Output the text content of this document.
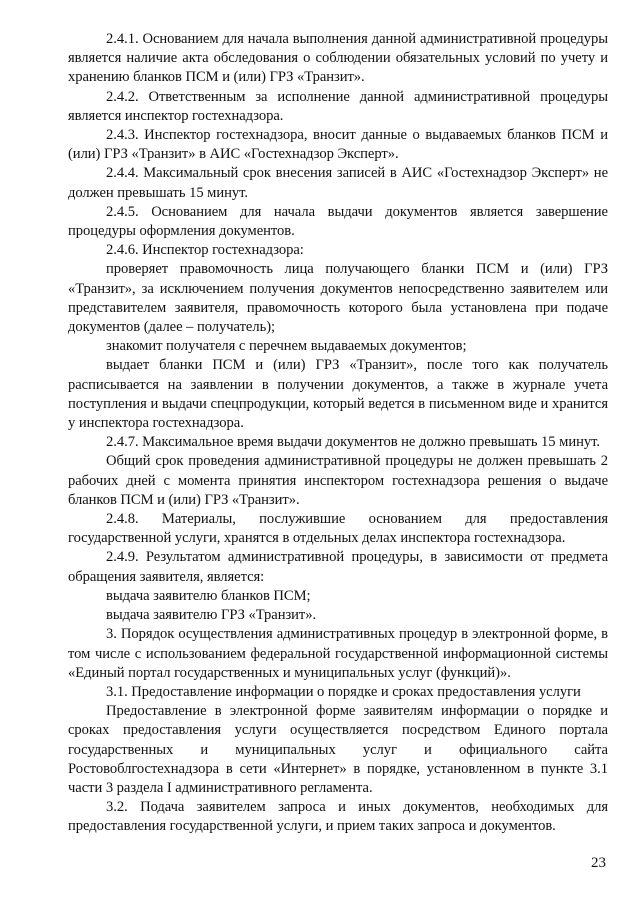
2.4.1. Основанием для начала выполнения данной административной процедуры является наличие акта обследования о соблюдении обязательных условий по учету и хранению бланков ПСМ и (или) ГРЗ «Транзит».

2.4.2. Ответственным за исполнение данной административной процедуры является инспектор гостехнадзора.

2.4.3. Инспектор гостехнадзора, вносит данные о выдаваемых бланков ПСМ и (или) ГРЗ «Транзит» в АИС «Гостехнадзор Эксперт».

2.4.4. Максимальный срок внесения записей в АИС «Гостехнадзор Эксперт» не должен превышать 15 минут.

2.4.5. Основанием для начала выдачи документов является завершение процедуры оформления документов.

2.4.6. Инспектор гостехнадзора:

проверяет правомочность лица получающего бланки ПСМ и (или) ГРЗ «Транзит», за исключением получения документов непосредственно заявителем или представителем заявителя, правомочность которого была установлена при подаче документов (далее – получатель);

знакомит получателя с перечнем выдаваемых документов;

выдает бланки ПСМ и (или) ГРЗ «Транзит», после того как получатель расписывается на заявлении в получении документов, а также в журнале учета поступления и выдачи спецпродукции, который ведется в письменном виде и хранится у инспектора гостехнадзора.

2.4.7. Максимальное время выдачи документов не должно превышать 15 минут.

Общий срок проведения административной процедуры не должен превышать 2 рабочих дней с момента принятия инспектором гостехнадзора решения о выдаче бланков ПСМ и (или) ГРЗ «Транзит».

2.4.8. Материалы, послужившие основанием для предоставления государственной услуги, хранятся в отдельных делах инспектора гостехнадзора.

2.4.9. Результатом административной процедуры, в зависимости от предмета обращения заявителя, является:

выдача заявителю бланков ПСМ;

выдача заявителю ГРЗ «Транзит».

3. Порядок осуществления административных процедур в электронной форме, в том числе с использованием федеральной государственной информационной системы «Единый портал государственных и муниципальных услуг (функций)».

3.1. Предоставление информации о порядке и сроках предоставления услуги

Предоставление в электронной форме заявителям информации о порядке и сроках предоставления услуги осуществляется посредством Единого портала государственных и муниципальных услуг и официального сайта Ростовоблгостехнадзора в сети «Интернет» в порядке, установленном в пункте 3.1 части 3 раздела I административного регламента.

3.2. Подача заявителем запроса и иных документов, необходимых для предоставления государственной услуги, и прием таких запроса и документов.

23
